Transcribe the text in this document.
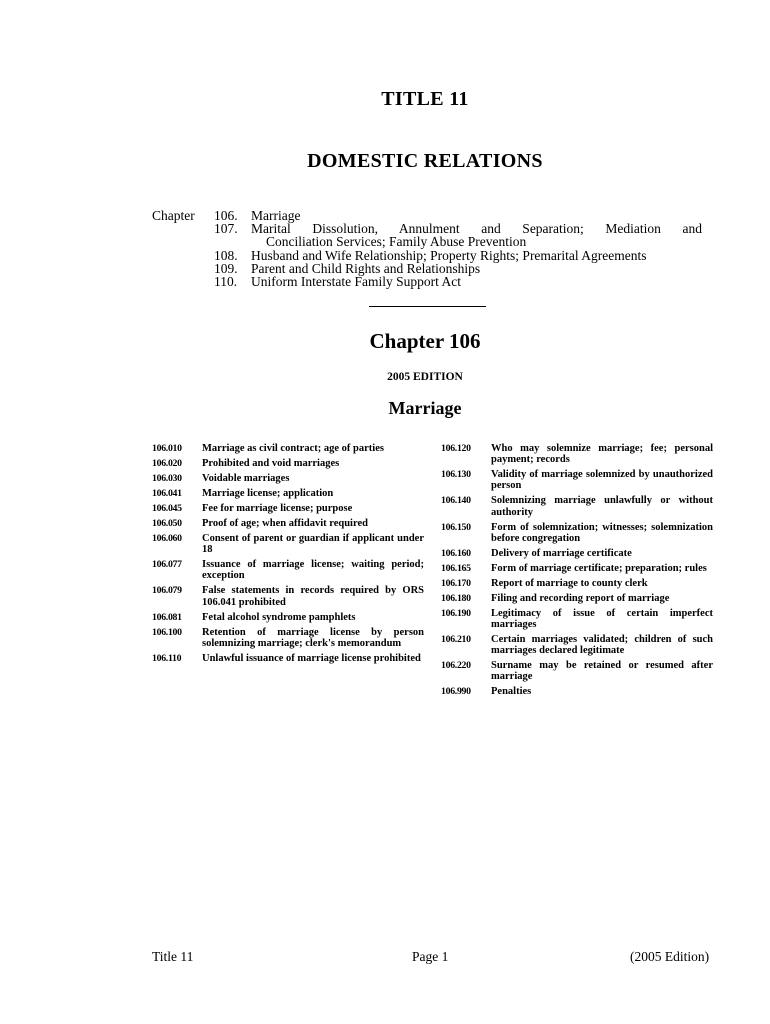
TITLE 11
DOMESTIC RELATIONS
Chapter	106. Marriage
107. Marital Dissolution, Annulment and Separation; Mediation and
Conciliation Services; Family Abuse Prevention
108. Husband and Wife Relationship; Property Rights; Premarital Agreements
109. Parent and Child Rights and Relationships
110.	Uniform Interstate Family Support Act
Chapter 106
2005 EDITION
Marriage
106.010	Marriage as civil contract; age of parties
106.020	Prohibited and void marriages
106.030	Voidable marriages
106.041	Marriage license; application
106.045	Fee for marriage license; purpose
106.050	Proof of age; when affidavit required
106.060	Consent of parent or guardian if applicant under 18
106.077	Issuance of marriage license; waiting period; exception
106.079	False statements in records required by ORS 106.041 prohibited
106.081	Fetal alcohol syndrome pamphlets
106.100	Retention of marriage license by person solemnizing marriage; clerk's memorandum
106.110	Unlawful issuance of marriage license prohibited
106.120	Who may solemnize marriage; fee; personal payment; records
106.130	Validity of marriage solemnized by unauthorized person
106.140	Solemnizing marriage unlawfully or without authority
106.150	Form of solemnization; witnesses; solemnization before congregation
106.160	Delivery of marriage certificate
106.165	Form of marriage certificate; preparation; rules
106.170	Report of marriage to county clerk
106.180	Filing and recording report of marriage
106.190	Legitimacy of issue of certain imperfect marriages
106.210	Certain marriages validated; children of such marriages declared legitimate
106.220	Surname may be retained or resumed after marriage
106.990	Penalties
Title 11	Page 1	(2005 Edition)
